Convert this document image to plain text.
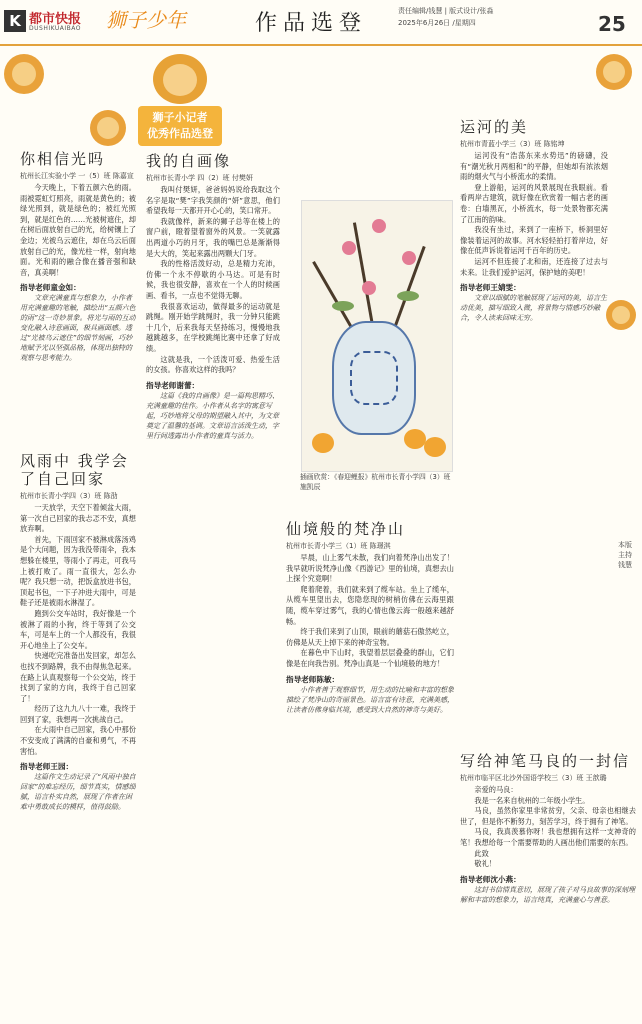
K 都市快报
DUSHIKUAIBAO 狮子少年	作品选登	责任编辑/钱慧 | 版式设计/张淼
2025年6月26日 /星期四	25
狮子小记者
优秀作品选登
你相信光吗
杭州长江实验小学 一（5）班 陈嘉宣

今天晚上，下着五颜六色的雨。雨被霓虹灯照亮，雨就是黄色的；被绿光照到，就是绿色的；被红光照到，就是红色的……光被树遮住，却在树后面放射自己的光，给树镶上了金边；光被乌云遮住，却在乌云后面放射自己的光，像光柱一样，射向地面。光和雨的融合像在播音强和缺音，真美啊！

指导老师童金如：

文章充满童真与想象力，小作者用充满童趣的笔触，描绘出“五颜六色的雨”这一奇妙景象。将光与雨的互动变化融入诗意画面，极具画面感。透过“光被乌云遮住”的细节刻画，巧妙地赋予光以坚强品格，体现出独特的观察与思考能力。

风雨中 我学会了自己回家
杭州市长青小学四（3）班 陈劭

一天放学，天空下着倾盆大雨，第一次自己回家的我忐忑不安，真想放弃啊。

首先，下雨回家不被淋成落汤鸡是个大问题，因为我没带雨伞，我本想躲在楼里，等雨小了再走，可我马上被打败了。雨一直很大，怎么办呢？我只想一动，把饭盒放进书包，顶起书包，一下子冲进大雨中，可是鞋子还是被雨水淋湿了。

跑到公交车站时，我好像是一个被淋了雨的小狗，终于等到了公交车，可是车上的一个人都没有，我很开心地坐上了公交车。

快递吃完准备出发回家，却怎么也找不到路牌，我不由得焦急起来。在路上认真观察每一个公交站，终于找到了家的方向，我终于自己回家了！

经历了这九九八十一难，我终于回到了家，我想再一次挑战自己。

在大雨中自己回家，我心中那份不安变成了满满的自豪和勇气，不再害怕。

指导老师王园：

这篇作文生动记录了“风雨中独自回家”的难忘经历，细节真实，情感细腻，语言朴实自然，展现了作者在困难中勇敢成长的模样，值得鼓励。

我的自画像
杭州市长青小学 四（2）班 付樊妍

我叫付樊妍，爸爸妈妈说给我取这个名字是取“樊”字我笑颜的“妍”意思，他们希望我每一天都开开心心的，笑口常开。

我就像样，新来的狮子总等在楼上的窗户前，瞪着望着窗外的风景。一笑就露出两道小巧的月牙，我的嘴巴总是渐渐得是大大的，笑起来露出两颗大门牙。

我的性格活泼好动，总是精力充沛，仿佛一个永不停歇的小马达。可是有时候，我也很安静，喜欢在一个人的时候画画、看书，一点也不觉得无聊。

我很喜欢运动，做得最多的运动就是跳绳。刚开始学跳绳时，我一分钟只能跳十几个，后来我每天坚持练习，慢慢地我越跳越多，在学校跳绳比赛中还拿了好成绩。

这就是我，一个活泼可爱、热爱生活的女孩。你喜欢这样的我吗？

指导老师谢蕾：

这篇《我的自画像》是一篇构思精巧、充满童趣的佳作。小作者从名字的寓意写起，巧妙地将父母的期望融入其中，为文章奠定了温馨的基调。文章语言活泼生动，字里行间透露出小作者的童真与活力。

插画欣赏：《春迎鲤报》杭州市长青小学四（3）班 施凯辰
运河的美
杭州市青蓝小学三（3）班 陈铭坤

运河没有“浩荡东来水势迅”的磅礴，没有“潮光秋月两相和”的平静，但她却有浓浓烟雨的烟火气与小桥流水的柔情。

登上游船，运河的风景展现在我眼前。看看两岸古建筑，就好像在欣赏着一幅古老的画卷：白墙黑瓦，小桥流水，每一处景物都充满了江南的韵味。

我没有坐过，来到了一座桥下，桥洞里好像装着运河的故事。河水轻轻拍打着岸边，好像在低声诉说着运河千百年的历史。

运河不但连接了北和南，还连接了过去与未来。让我们爱护运河，保护她的美吧！

指导老师王婧雯：

文章以细腻的笔触展现了运河的美，语言生动优美，描写细致入微，将景物与情感巧妙融合，令人读来回味无穷。

仙境般的梵净山
杭州市长青小学三（1）班 陈璟淇

早晨，山上雾气未散，我们向着梵净山出发了！我早就听说梵净山像《西游记》里的仙境，真想去山上探个究竟啊！

爬着爬着，我们就来到了缆车站。坐上了缆车，从缆车里望出去，您隐您现的树梢仿佛在云海里跟随，缆车穿过雾气，我的心情也像云海一般越来越舒畅。

终于我们来到了山顶，眼前的蘑菇石傲然屹立，仿佛是从天上掉下来的神奇宝物。

在暮色中下山时，我望着层层叠叠的群山，它们像是在向我告别。梵净山真是一个仙境般的地方！

指导老师陈敏：

小作者善于观察细节，用生动的比喻和丰富的想象描绘了梵净山的奇丽景色。语言富有诗意，充满美感，让读者仿佛身临其境，感受到大自然的神奇与美好。

写给神笔马良的一封信
杭州市临平区北沙外国语学校三（3）班 王歆璐

亲爱的马良：

我是一名来自杭州的二年级小学生。

马良，虽然你家里非常贫穷，父亲、母亲也相继去世了，但是你不断努力，刻苦学习，终于拥有了神笔。

马良，我真羡慕你呀！我也想拥有这样一支神奇的笔！我想给每一个需要帮助的人画出他们需要的东西。

此致

敬礼！

指导老师沈小燕：

这封书信情真意切，展现了孩子对马良故事的深刻理解和丰富的想象力，语言纯真，充满童心与善意。

本版主持 钱慧
